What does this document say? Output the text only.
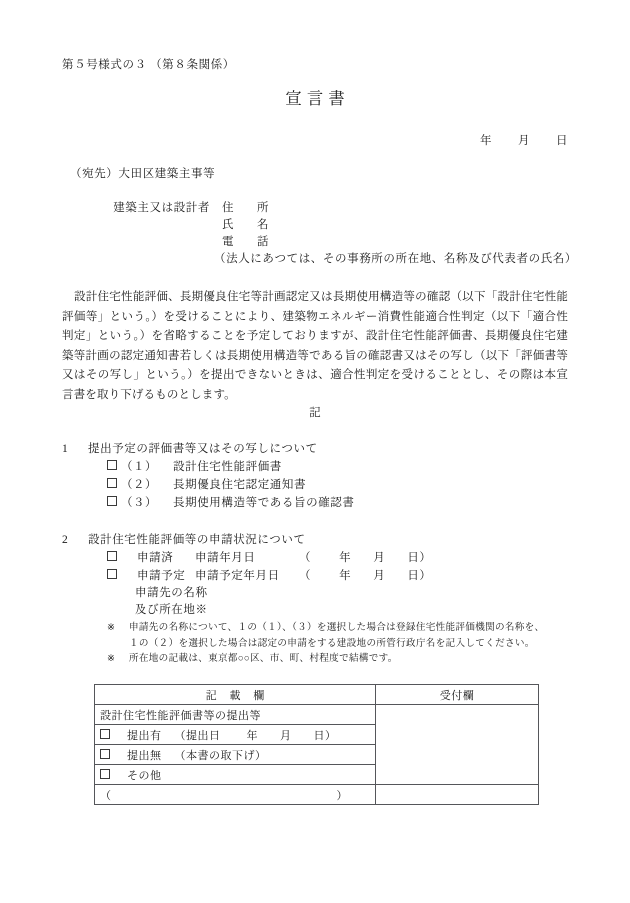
第５号様式の３ （第８条関係）
宣言書
年 月 日
（宛先）大田区建築主事等
建築主又は設計者 住　所
氏　名
電　話
（法人にあつては、その事務所の所在地、名称及び代表者の氏名）
設計住宅性能評価、長期優良住宅等計画認定又は長期使用構造等の確認（以下「設計住宅性能評価等」という。）を受けることにより、建築物エネルギー消費性能適合性判定（以下「適合性判定」という。）を省略することを予定しておりますが、設計住宅性能評価書、長期優良住宅建築等計画の認定通知書若しくは長期使用構造等である旨の確認書又はその写し（以下「評価書等又はその写し」という。）を提出できないときは、適合性判定を受けることとし、その際は本宣言書を取り下げるものとします。
記
1 提出予定の評価書等又はその写しについて
（１） 設計住宅性能評価書
（２） 長期優良住宅認定通知書
（３） 長期使用構造等である旨の確認書
2 設計住宅性能評価等の申請状況について
申請済 申請年月日	（ 年 月 日）
申請予定 申請予定年月日 （ 年 月 日）
申請先の名称
及び所在地※
※ 申請先の名称について、１の（１）、（３）を選択した場合は登録住宅性能評価機関の名称を、
１の（２）を選択した場合は認定の申請をする建設地の所管行政庁名を記入してください。
※ 所在地の記載は、東京都○○区、市、町、村程度で結構です。
記 載 欄	受付欄
設計住宅性能評価書等の提出等	
提出有 （提出日 年 月 日）	
提出無 （本書の取下げ）	
その他	
（ ）	
